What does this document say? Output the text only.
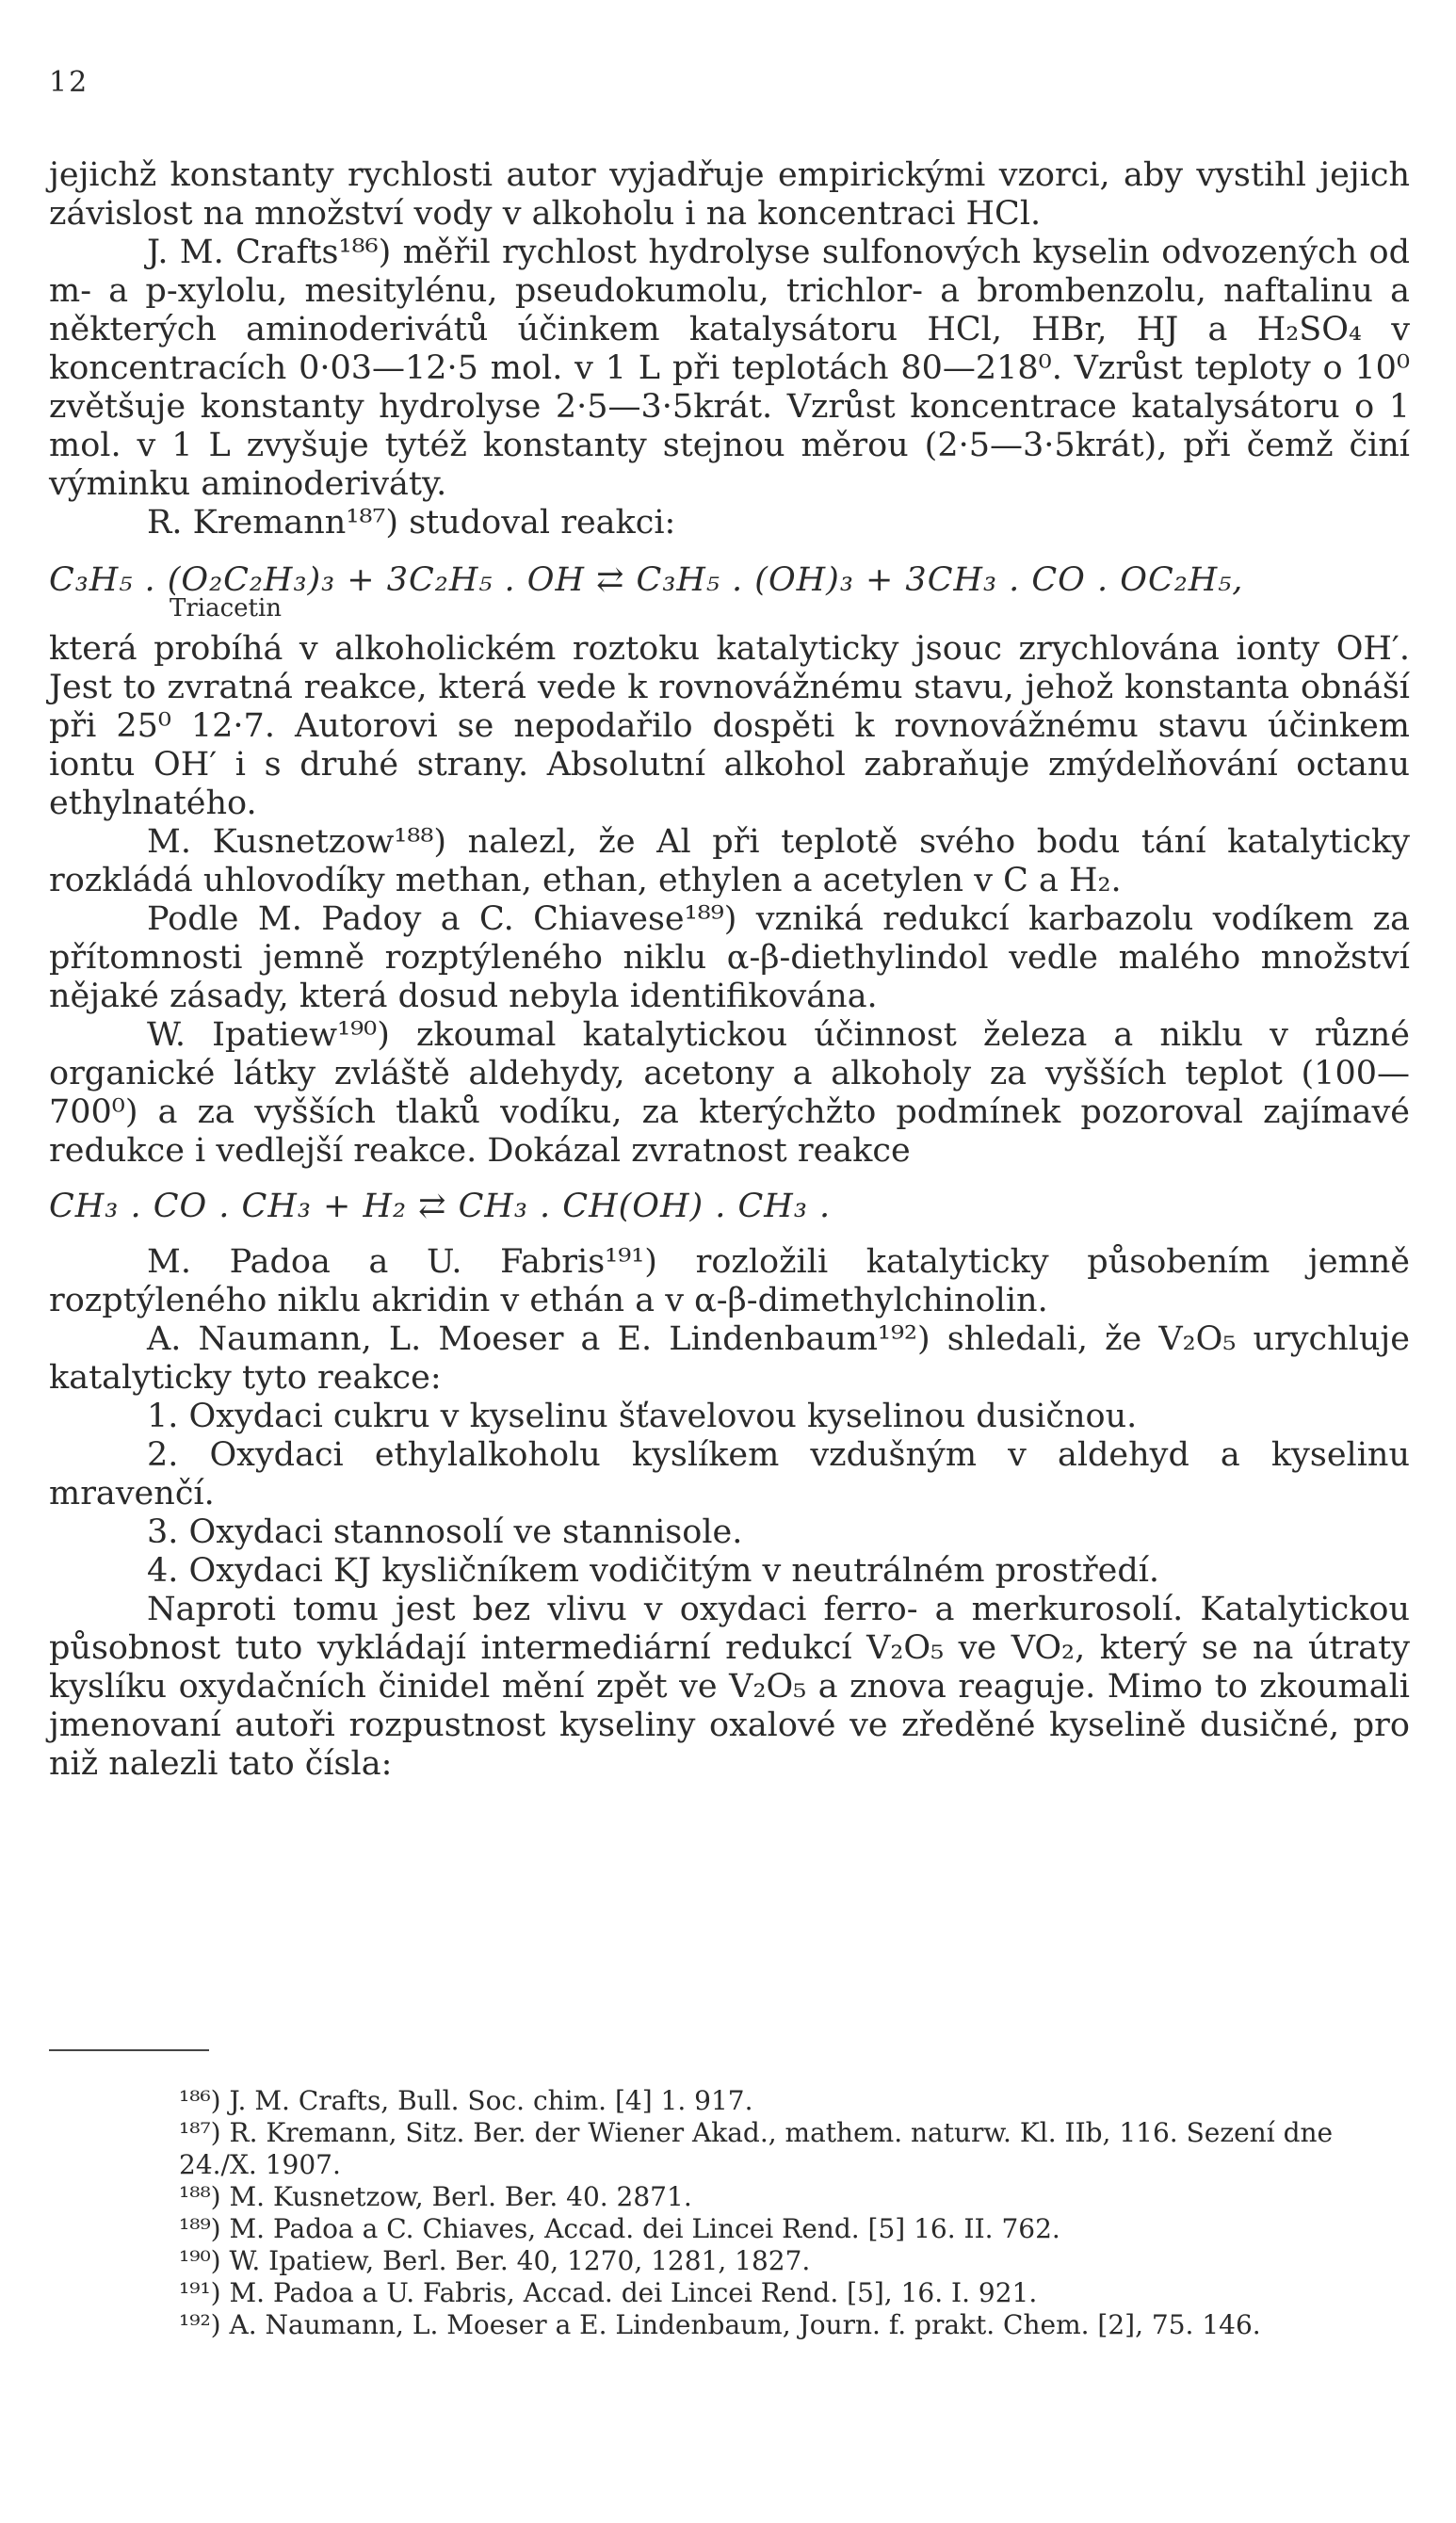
12

jejichž konstanty rychlosti autor vyjadřuje empirickými vzorci, aby vystihl jejich závislost na množství vody v alkoholu i na koncentraci HCl.

J. M. Crafts¹⁸⁶) měřil rychlost hydrolyse sulfonových kyselin odvozených od m- a p-xylolu, mesitylénu, pseudokumolu, trichlor- a brombenzolu, naftalinu a některých aminoderivátů účinkem katalysátoru HCl, HBr, HJ a H₂SO₄ v koncentracích 0·03—12·5 mol. v 1 L při teplotách 80—218⁰. Vzrůst teploty o 10⁰ zvětšuje konstanty hydrolyse 2·5—3·5krát. Vzrůst koncentrace katalysátoru o 1 mol. v 1 L zvyšuje tytéž konstanty stejnou měrou (2·5—3·5krát), při čemž činí výminku aminoderiváty.

R. Kremann¹⁸⁷) studoval reakci:

C₃H₅ . (O₂C₂H₃)₃ + 3C₂H₅ . OH ⇄ C₃H₅ . (OH)₃ + 3CH₃ . CO . OC₂H₅,

Triacetin

která probíhá v alkoholickém roztoku katalyticky jsouc zrychlována ionty OH′. Jest to zvratná reakce, která vede k rovnovážnému stavu, jehož konstanta obnáší při 25⁰ 12·7. Autorovi se nepodařilo dospěti k rovnovážnému stavu účinkem iontu OH′ i s druhé strany. Absolutní alkohol zabraňuje zmýdelňování octanu ethylnatého.

M. Kusnetzow¹⁸⁸) nalezl, že Al při teplotě svého bodu tání katalyticky rozkládá uhlovodíky methan, ethan, ethylen a acetylen v C a H₂.

Podle M. Padoy a C. Chiavese¹⁸⁹) vzniká redukcí karbazolu vodíkem za přítomnosti jemně rozptýleného niklu α-β-diethylindol vedle malého množství nějaké zásady, která dosud nebyla identifikována.

W. Ipatiew¹⁹⁰) zkoumal katalytickou účinnost železa a niklu v různé organické látky zvláště aldehydy, acetony a alkoholy za vyšších teplot (100—700⁰) a za vyšších tlaků vodíku, za kterýchžto podmínek pozoroval zajímavé redukce i vedlejší reakce. Dokázal zvratnost reakce

CH₃ . CO . CH₃ + H₂ ⇄ CH₃ . CH(OH) . CH₃ .

M. Padoa a U. Fabris¹⁹¹) rozložili katalyticky působením jemně rozptýleného niklu akridin v ethán a v α-β-dimethylchinolin.

A. Naumann, L. Moeser a E. Lindenbaum¹⁹²) shledali, že V₂O₅ urychluje katalyticky tyto reakce:

1. Oxydaci cukru v kyselinu šťavelovou kyselinou dusičnou.

2. Oxydaci ethylalkoholu kyslíkem vzdušným v aldehyd a kyselinu mravenčí.

3. Oxydaci stannosolí ve stannisole.

4. Oxydaci KJ kysličníkem vodičitým v neutrálném prostředí.

Naproti tomu jest bez vlivu v oxydaci ferro- a merkurosolí. Katalytickou působnost tuto vykládají intermediární redukcí V₂O₅ ve VO₂, který se na útraty kyslíku oxydačních činidel mění zpět ve V₂O₅ a znova reaguje. Mimo to zkoumali jmenovaní autoři rozpustnost kyseliny oxalové ve zředěné kyselině dusičné, pro niž nalezli tato čísla:

¹⁸⁶) J. M. Crafts, Bull. Soc. chim. [4] 1. 917.

¹⁸⁷) R. Kremann, Sitz. Ber. der Wiener Akad., mathem. naturw. Kl. IIb, 116. Sezení dne 24./X. 1907.

¹⁸⁸) M. Kusnetzow, Berl. Ber. 40. 2871.

¹⁸⁹) M. Padoa a C. Chiaves, Accad. dei Lincei Rend. [5] 16. II. 762.

¹⁹⁰) W. Ipatiew, Berl. Ber. 40, 1270, 1281, 1827.

¹⁹¹) M. Padoa a U. Fabris, Accad. dei Lincei Rend. [5], 16. I. 921.

¹⁹²) A. Naumann, L. Moeser a E. Lindenbaum, Journ. f. prakt. Chem. [2], 75. 146.
